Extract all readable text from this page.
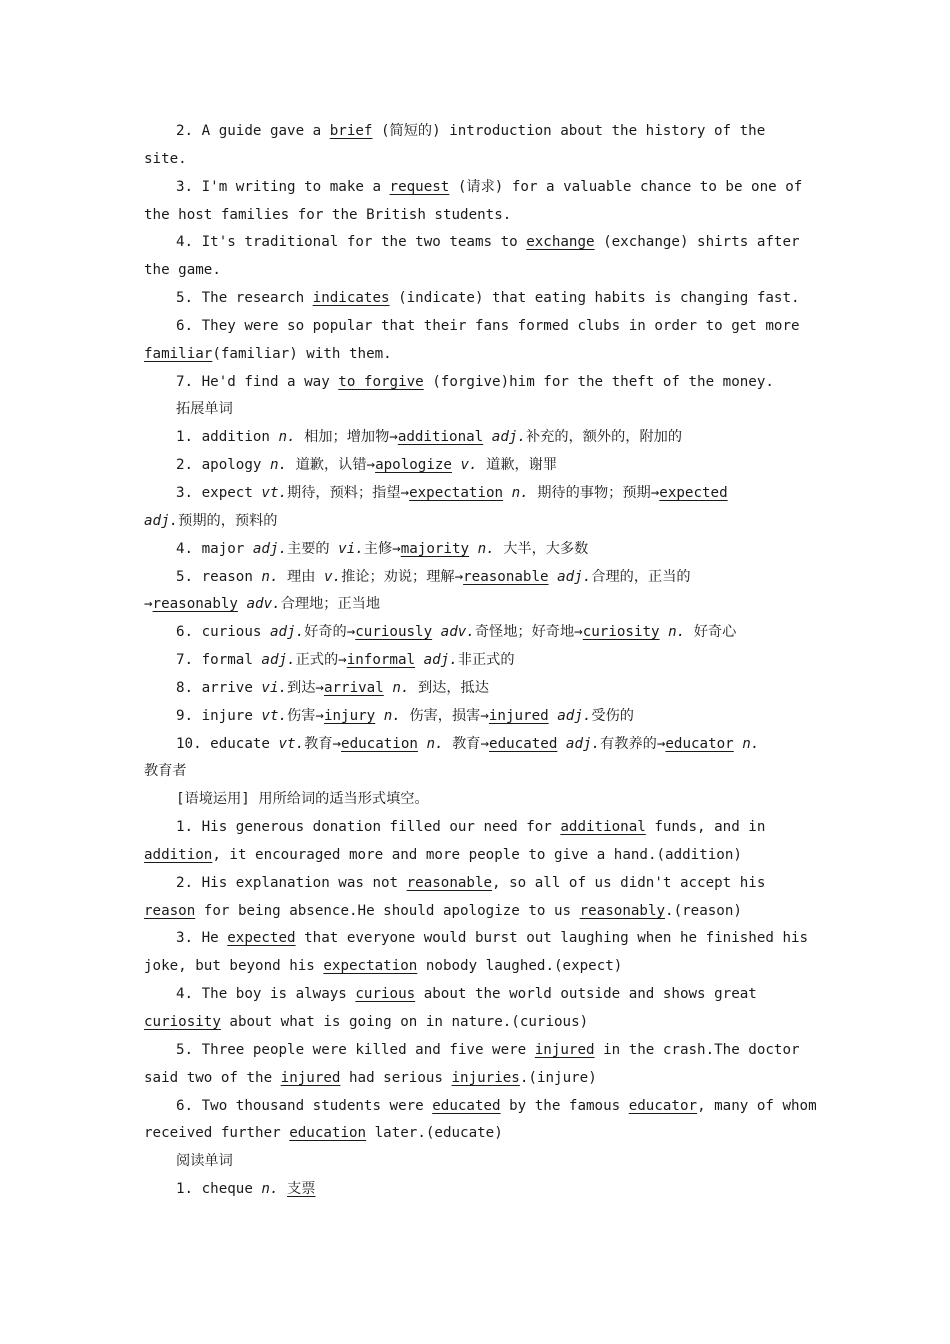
2. A guide gave a brief (简短的) introduction about the history of the
site.
3. I'm writing to make a request (请求) for a valuable chance to be one of
the host families for the British students.
4. It's traditional for the two teams to exchange (exchange) shirts after
the game.
5. The research indicates (indicate) that eating habits is changing fast.
6. They were so popular that their fans formed clubs in order to get more
familiar(familiar) with them.
7. He'd find a way to forgive (forgive)him for the theft of the money.
拓展单词
1. addition n. 相加；增加物→additional adj.补充的，额外的，附加的
2. apology n. 道歉，认错→apologize v. 道歉，谢罪
3. expect vt.期待，预料；指望→expectation n. 期待的事物；预期→expected
adj.预期的，预料的
4. major adj.主要的 vi.主修→majority n. 大半，大多数
5. reason n. 理由 v.推论；劝说；理解→reasonable adj.合理的，正当的
→reasonably adv.合理地；正当地
6. curious adj.好奇的→curiously adv.奇怪地；好奇地→curiosity n. 好奇心
7. formal adj.正式的→informal adj.非正式的
8. arrive vi.到达→arrival n. 到达，抵达
9. injure vt.伤害→injury n. 伤害，损害→injured adj.受伤的
10. educate vt.教育→education n. 教育→educated adj.有教养的→educator n.
教育者
[语境运用] 用所给词的适当形式填空。
1. His generous donation filled our need for additional funds, and in
addition, it encouraged more and more people to give a hand.(addition)
2. His explanation was not reasonable, so all of us didn't accept his
reason for being absence.He should apologize to us reasonably.(reason)
3. He expected that everyone would burst out laughing when he finished his
joke, but beyond his expectation nobody laughed.(expect)
4. The boy is always curious about the world outside and shows great
curiosity about what is going on in nature.(curious)
5. Three people were killed and five were injured in the crash.The doctor
said two of the injured had serious injuries.(injure)
6. Two thousand students were educated by the famous educator, many of whom
received further education later.(educate)
阅读单词
1. cheque n. 支票
